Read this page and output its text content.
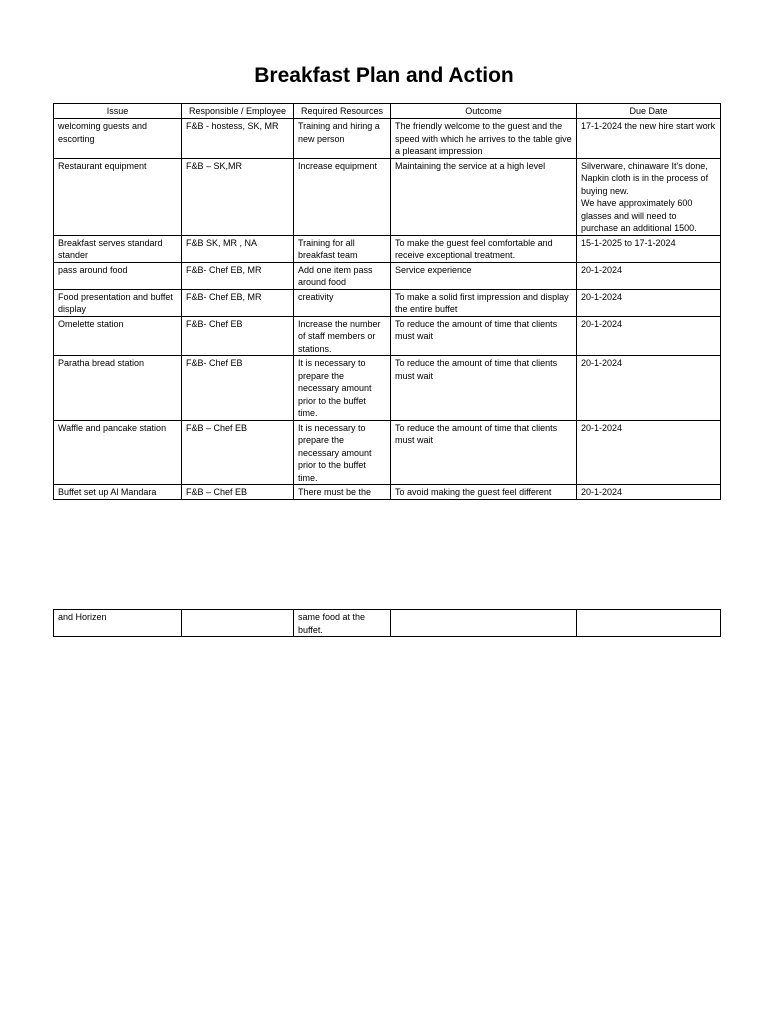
Breakfast Plan and Action
Issue	Responsible / Employee	Required Resources	Outcome	Due Date
welcoming guests and escorting	F&B - hostess, SK, MR	Training and hiring a new person	The friendly welcome to the guest and the speed with which he arrives to the table give a pleasant impression	17-1-2024 the new hire start work
Restaurant equipment	F&B – SK,MR	Increase equipment	Maintaining the service at a high level	Silverware, chinaware It's done, Napkin cloth is in the process of buying new.
We have approximately 600 glasses and will need to purchase an additional 1500.
Breakfast serves standard stander	F&B SK, MR , NA	Training for all breakfast team	To make the guest feel comfortable and receive exceptional treatment.	15-1-2025 to 17-1-2024
pass around food	F&B- Chef EB, MR	Add one item pass around food	Service experience	20-1-2024
Food presentation and buffet display	F&B- Chef EB, MR	creativity	To make a solid first impression and display the entire buffet	20-1-2024
Omelette station	F&B- Chef EB	Increase the number of staff members or stations.	To reduce the amount of time that clients must wait	20-1-2024
Paratha bread station	F&B- Chef EB	It is necessary to prepare the necessary amount prior to the buffet time.	To reduce the amount of time that clients must wait	20-1-2024
Waffle and pancake station	F&B – Chef EB	It is necessary to prepare the necessary amount prior to the buffet time.	To reduce the amount of time that clients must wait	20-1-2024
Buffet set up Al Mandara	F&B – Chef EB	There must be the	To avoid making the guest feel different	20-1-2024
and Horizen		same food at the buffet.		
